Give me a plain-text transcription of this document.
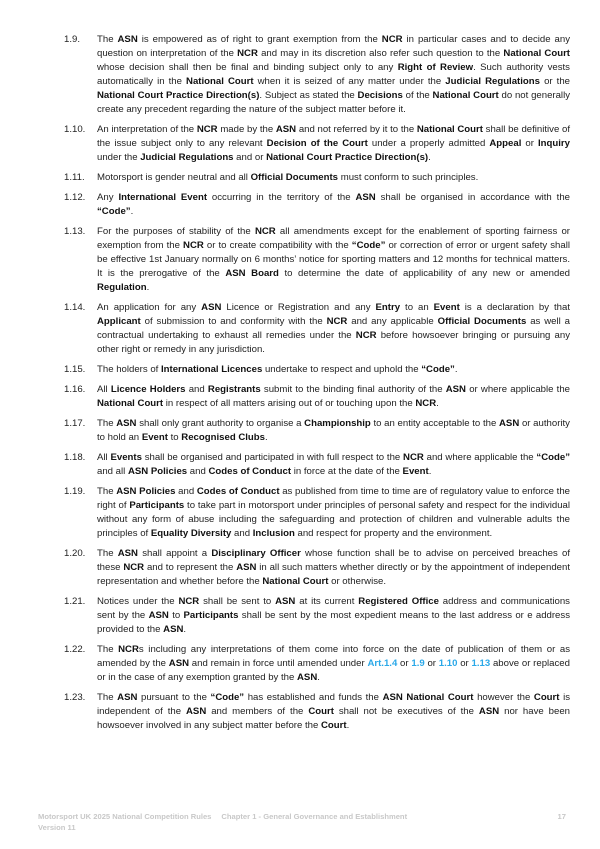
1.9.	The ASN is empowered as of right to grant exemption from the NCR in particular cases and to decide any question on interpretation of the NCR and may in its discretion also refer such question to the National Court whose decision shall then be final and binding subject only to any Right of Review. Such authority vests automatically in the National Court when it is seized of any matter under the Judicial Regulations or the National Court Practice Direction(s). Subject as stated the Decisions of the National Court do not generally create any precedent regarding the nature of the subject matter before it.
1.10.	An interpretation of the NCR made by the ASN and not referred by it to the National Court shall be definitive of the issue subject only to any relevant Decision of the Court under a properly admitted Appeal or Inquiry under the Judicial Regulations and or National Court Practice Direction(s).
1.11.	Motorsport is gender neutral and all Official Documents must conform to such principles.
1.12.	Any International Event occurring in the territory of the ASN shall be organised in accordance with the “Code”.
1.13.	For the purposes of stability of the NCR all amendments except for the enablement of sporting fairness or exemption from the NCR or to create compatibility with the “Code” or correction of error or urgent safety shall be effective 1st January normally on 6 months’ notice for sporting matters and 12 months for technical matters. It is the prerogative of the ASN Board to determine the date of applicability of any new or amended Regulation.
1.14.	An application for any ASN Licence or Registration and any Entry to an Event is a declaration by that Applicant of submission to and conformity with the NCR and any applicable Official Documents as well a contractual undertaking to exhaust all remedies under the NCR before howsoever bringing or pursuing any other right or remedy in any jurisdiction.
1.15.	The holders of International Licences undertake to respect and uphold the “Code”.
1.16.	All Licence Holders and Registrants submit to the binding final authority of the ASN or where applicable the National Court in respect of all matters arising out of or touching upon the NCR.
1.17.	The ASN shall only grant authority to organise a Championship to an entity acceptable to the ASN or authority to hold an Event to Recognised Clubs.
1.18.	All Events shall be organised and participated in with full respect to the NCR and where applicable the “Code” and all ASN Policies and Codes of Conduct in force at the date of the Event.
1.19.	The ASN Policies and Codes of Conduct as published from time to time are of regulatory value to enforce the right of Participants to take part in motorsport under principles of personal safety and respect for the individual without any form of abuse including the safeguarding and protection of children and vulnerable adults the principles of Equality Diversity and Inclusion and respect for property and the environment.
1.20.	The ASN shall appoint a Disciplinary Officer whose function shall be to advise on perceived breaches of these NCR and to represent the ASN in all such matters whether directly or by the appointment of independent representation and whether before the National Court or otherwise.
1.21.	Notices under the NCR shall be sent to ASN at its current Registered Office address and communications sent by the ASN to Participants shall be sent by the most expedient means to the last address or e address provided to the ASN.
1.22.	The NCRs including any interpretations of them come into force on the date of publication of them or as amended by the ASN and remain in force until amended under Art.1.4 or 1.9 or 1.10 or 1.13 above or replaced or in the case of any exemption granted by the ASN.
1.23.	The ASN pursuant to the “Code” has established and funds the ASN National Court however the Court is independent of the ASN and members of the Court shall not be executives of the ASN nor have been howsoever involved in any subject matter before the Court.
Motorsport UK 2025 National Competition Rules
Version 11
Chapter 1 - General Governance and Establishment	17
